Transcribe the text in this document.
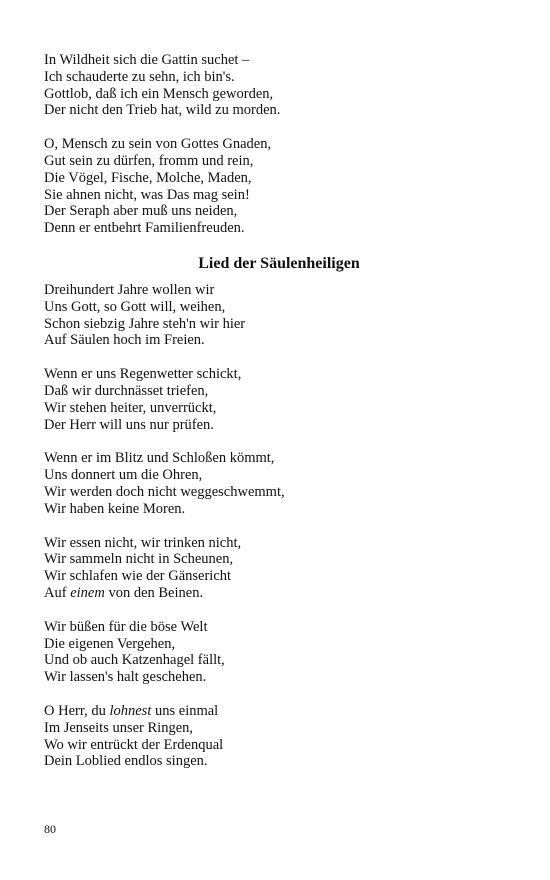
In Wildheit sich die Gattin suchet –
Ich schauderte zu sehn, ich bin's.
Gottlob, daß ich ein Mensch geworden,
Der nicht den Trieb hat, wild zu morden.
O, Mensch zu sein von Gottes Gnaden,
Gut sein zu dürfen, fromm und rein,
Die Vögel, Fische, Molche, Maden,
Sie ahnen nicht, was Das mag sein!
Der Seraph aber muß uns neiden,
Denn er entbehrt Familienfreuden.
Lied der Säulenheiligen
Dreihundert Jahre wollen wir
Uns Gott, so Gott will, weihen,
Schon siebzig Jahre steh'n wir hier
Auf Säulen hoch im Freien.
Wenn er uns Regenwetter schickt,
Daß wir durchnässet triefen,
Wir stehen heiter, unverrückt,
Der Herr will uns nur prüfen.
Wenn er im Blitz und Schloßen kömmt,
Uns donnert um die Ohren,
Wir werden doch nicht weggeschwemmt,
Wir haben keine Moren.
Wir essen nicht, wir trinken nicht,
Wir sammeln nicht in Scheunen,
Wir schlafen wie der Gänsericht
Auf einem von den Beinen.
Wir büßen für die böse Welt
Die eigenen Vergehen,
Und ob auch Katzenhagel fällt,
Wir lassen's halt geschehen.
O Herr, du lohnest uns einmal
Im Jenseits unser Ringen,
Wo wir entrückt der Erdenqual
Dein Loblied endlos singen.
80
